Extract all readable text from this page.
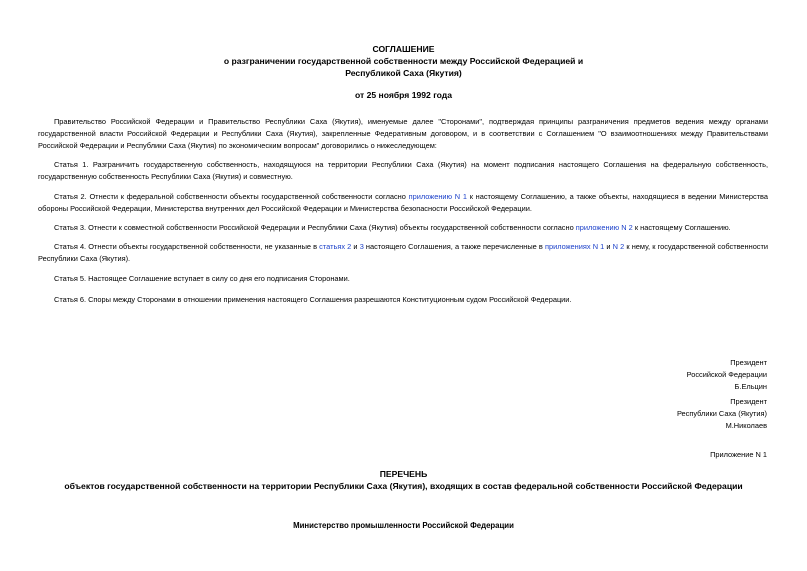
СОГЛАШЕНИЕ
о разграничении государственной собственности между Российской Федерацией и
Республикой Саха (Якутия)
от 25 ноября 1992 года
Правительство Российской Федерации и Правительство Республики Саха (Якутия), именуемые далее "Сторонами", подтверждая принципы разграничения предметов ведения между органами государственной власти Российской Федерации и Республики Саха (Якутия), закрепленные Федеративным договором, и в соответствии с Соглашением "О взаимоотношениях между Правительствами Российской Федерации и Республики Саха (Якутия) по экономическим вопросам" договорились о нижеследующем:
Статья 1. Разграничить государственную собственность, находящуюся на территории Республики Саха (Якутия) на момент подписания настоящего Соглашения на федеральную собственность, государственную собственность Республики Саха (Якутия) и совместную.
Статья 2. Отнести к федеральной собственности объекты государственной собственности согласно приложению N 1 к настоящему Соглашению, а также объекты, находящиеся в ведении Министерства обороны Российской Федерации, Министерства внутренних дел Российской Федерации и Министерства безопасности Российской Федерации.
Статья 3. Отнести к совместной собственности Российской Федерации и Республики Саха (Якутия) объекты государственной собственности согласно приложению N 2 к настоящему Соглашению.
Статья 4. Отнести объекты государственной собственности, не указанные в статьях 2 и 3 настоящего Соглашения, а также перечисленные в приложениях N 1 и N 2 к нему, к государственной собственности Республики Саха (Якутия).
Статья 5. Настоящее Соглашение вступает в силу со дня его подписания Сторонами.
Статья 6. Споры между Сторонами в отношении применения настоящего Соглашения разрешаются Конституционным судом Российской Федерации.
Президент
Российской Федерации
Б.Ельцин
Президент
Республики Саха (Якутия)
М.Николаев
Приложение N 1
ПЕРЕЧЕНЬ
объектов государственной собственности на территории Республики Саха (Якутия), входящих в состав федеральной собственности Российской Федерации
Министерство промышленности Российской Федерации
